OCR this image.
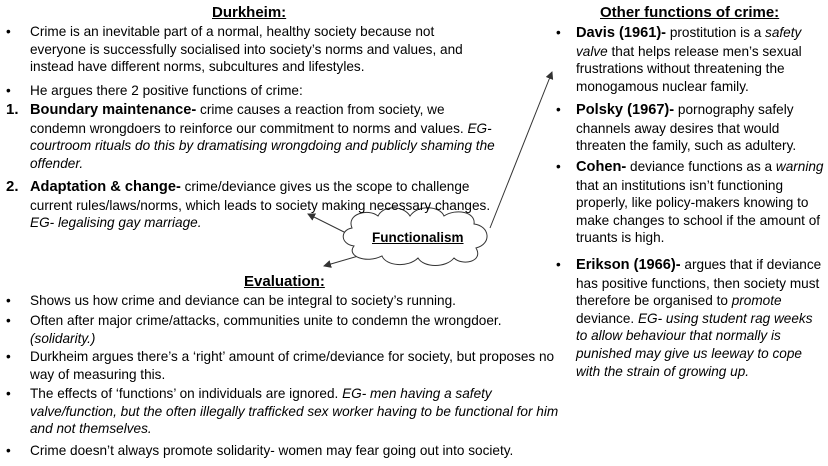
Functionalism
Durkheim:
•	Crime is an inevitable part of a normal, healthy society because not everyone is successfully socialised into society’s norms and values, and instead have different norms, subcultures and lifestyles.
•	He argues there 2 positive functions of crime:
1. Boundary maintenance- crime causes a reaction from society, we condemn wrongdoers to reinforce our commitment to norms and values. EG- courtroom rituals do this by dramatising wrongdoing and publicly shaming the offender.
2. Adaptation & change- crime/deviance gives us the scope to challenge current rules/laws/norms, which leads to society making necessary changes. EG- legalising gay marriage.
Evaluation:
•	Shows us how crime and deviance can be integral to society’s running.
•	Often after major crime/attacks, communities unite to condemn the wrongdoer. (solidarity.)
•	Durkheim argues there’s a ‘right’ amount of crime/deviance for society, but proposes no way of measuring this.
•	The effects of ‘functions’ on individuals are ignored. EG- men having a safety valve/function, but the often illegally trafficked sex worker having to be functional for him and not themselves.
•	Crime doesn’t always promote solidarity- women may fear going out into society.
Other functions of crime:
•	Davis (1961)- prostitution is a safety valve that helps release men’s sexual frustrations without threatening the monogamous nuclear family.
•	Polsky (1967)- pornography safely channels away desires that would threaten the family, such as adultery.
•	Cohen- deviance functions as a warning that an institutions isn’t functioning properly, like policy-makers knowing to make changes to school if the amount of truants is high.
•	Erikson (1966)- argues that if deviance has positive functions, then society must therefore be organised to promote deviance. EG- using student rag weeks to allow behaviour that normally is punished may give us leeway to cope with the strain of growing up.
